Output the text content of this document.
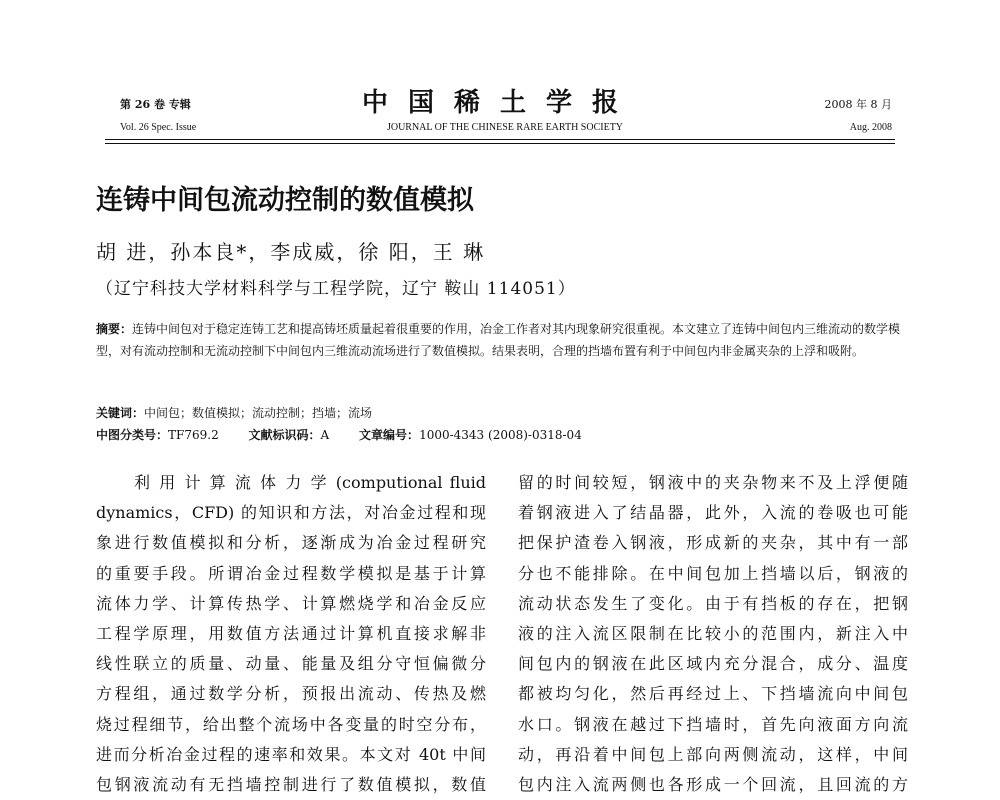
第 26 卷 专辑
Vol. 26 Spec. Issue
中国稀土学报
JOURNAL OF THE CHINESE RARE EARTH SOCIETY
2008 年 8 月
Aug. 2008
连铸中间包流动控制的数值模拟
胡 进，孙本良*，李成威，徐 阳，王 琳
（辽宁科技大学材料科学与工程学院，辽宁 鞍山 114051）
摘要：连铸中间包对于稳定连铸工艺和提高铸坯质量起着很重要的作用，冶金工作者对其内现象研究很重视。本文建立了连铸中间包内三维流动的数学模型，对有流动控制和无流动控制下中间包内三维流动流场进行了数值模拟。结果表明，合理的挡墙布置有利于中间包内非金属夹杂的上浮和吸附。
关键词：中间包；数值模拟；流动控制；挡墙；流场
中图分类号：TF769.2 文献标识码：A 文章编号：1000-4343 (2008)-0318-04
利 用 计 算 流 体 力 学 (computional fluid
dynamics，CFD) 的知识和方法，对冶金过程和现
象进行数值模拟和分析，逐渐成为冶金过程研究
的重要手段。所谓冶金过程数学模拟是基于计算
流体力学、计算传热学、计算燃烧学和冶金反应
工程学原理，用数值方法通过计算机直接求解非
线性联立的质量、动量、能量及组分守恒偏微分
方程组，通过数学分析，预报出流动、传热及燃
烧过程细节，给出整个流场中各变量的时空分布，
进而分析冶金过程的速率和效果。本文对 40t 中间
包钢液流动有无挡墙控制进行了数值模拟，数值
留的时间较短，钢液中的夹杂物来不及上浮便随
着钢液进入了结晶器，此外，入流的卷吸也可能
把保护渣卷入钢液，形成新的夹杂，其中有一部
分也不能排除。在中间包加上挡墙以后，钢液的
流动状态发生了变化。由于有挡板的存在，把钢
液的注入流区限制在比较小的范围内，新注入中
间包内的钢液在此区域内充分混合，成分、温度
都被均匀化，然后再经过上、下挡墙流向中间包
水口。钢液在越过下挡墙时，首先向液面方向流
动，再沿着中间包上部向两侧流动，这样，中间
包内注入流两侧也各形成一个回流，且回流的方
